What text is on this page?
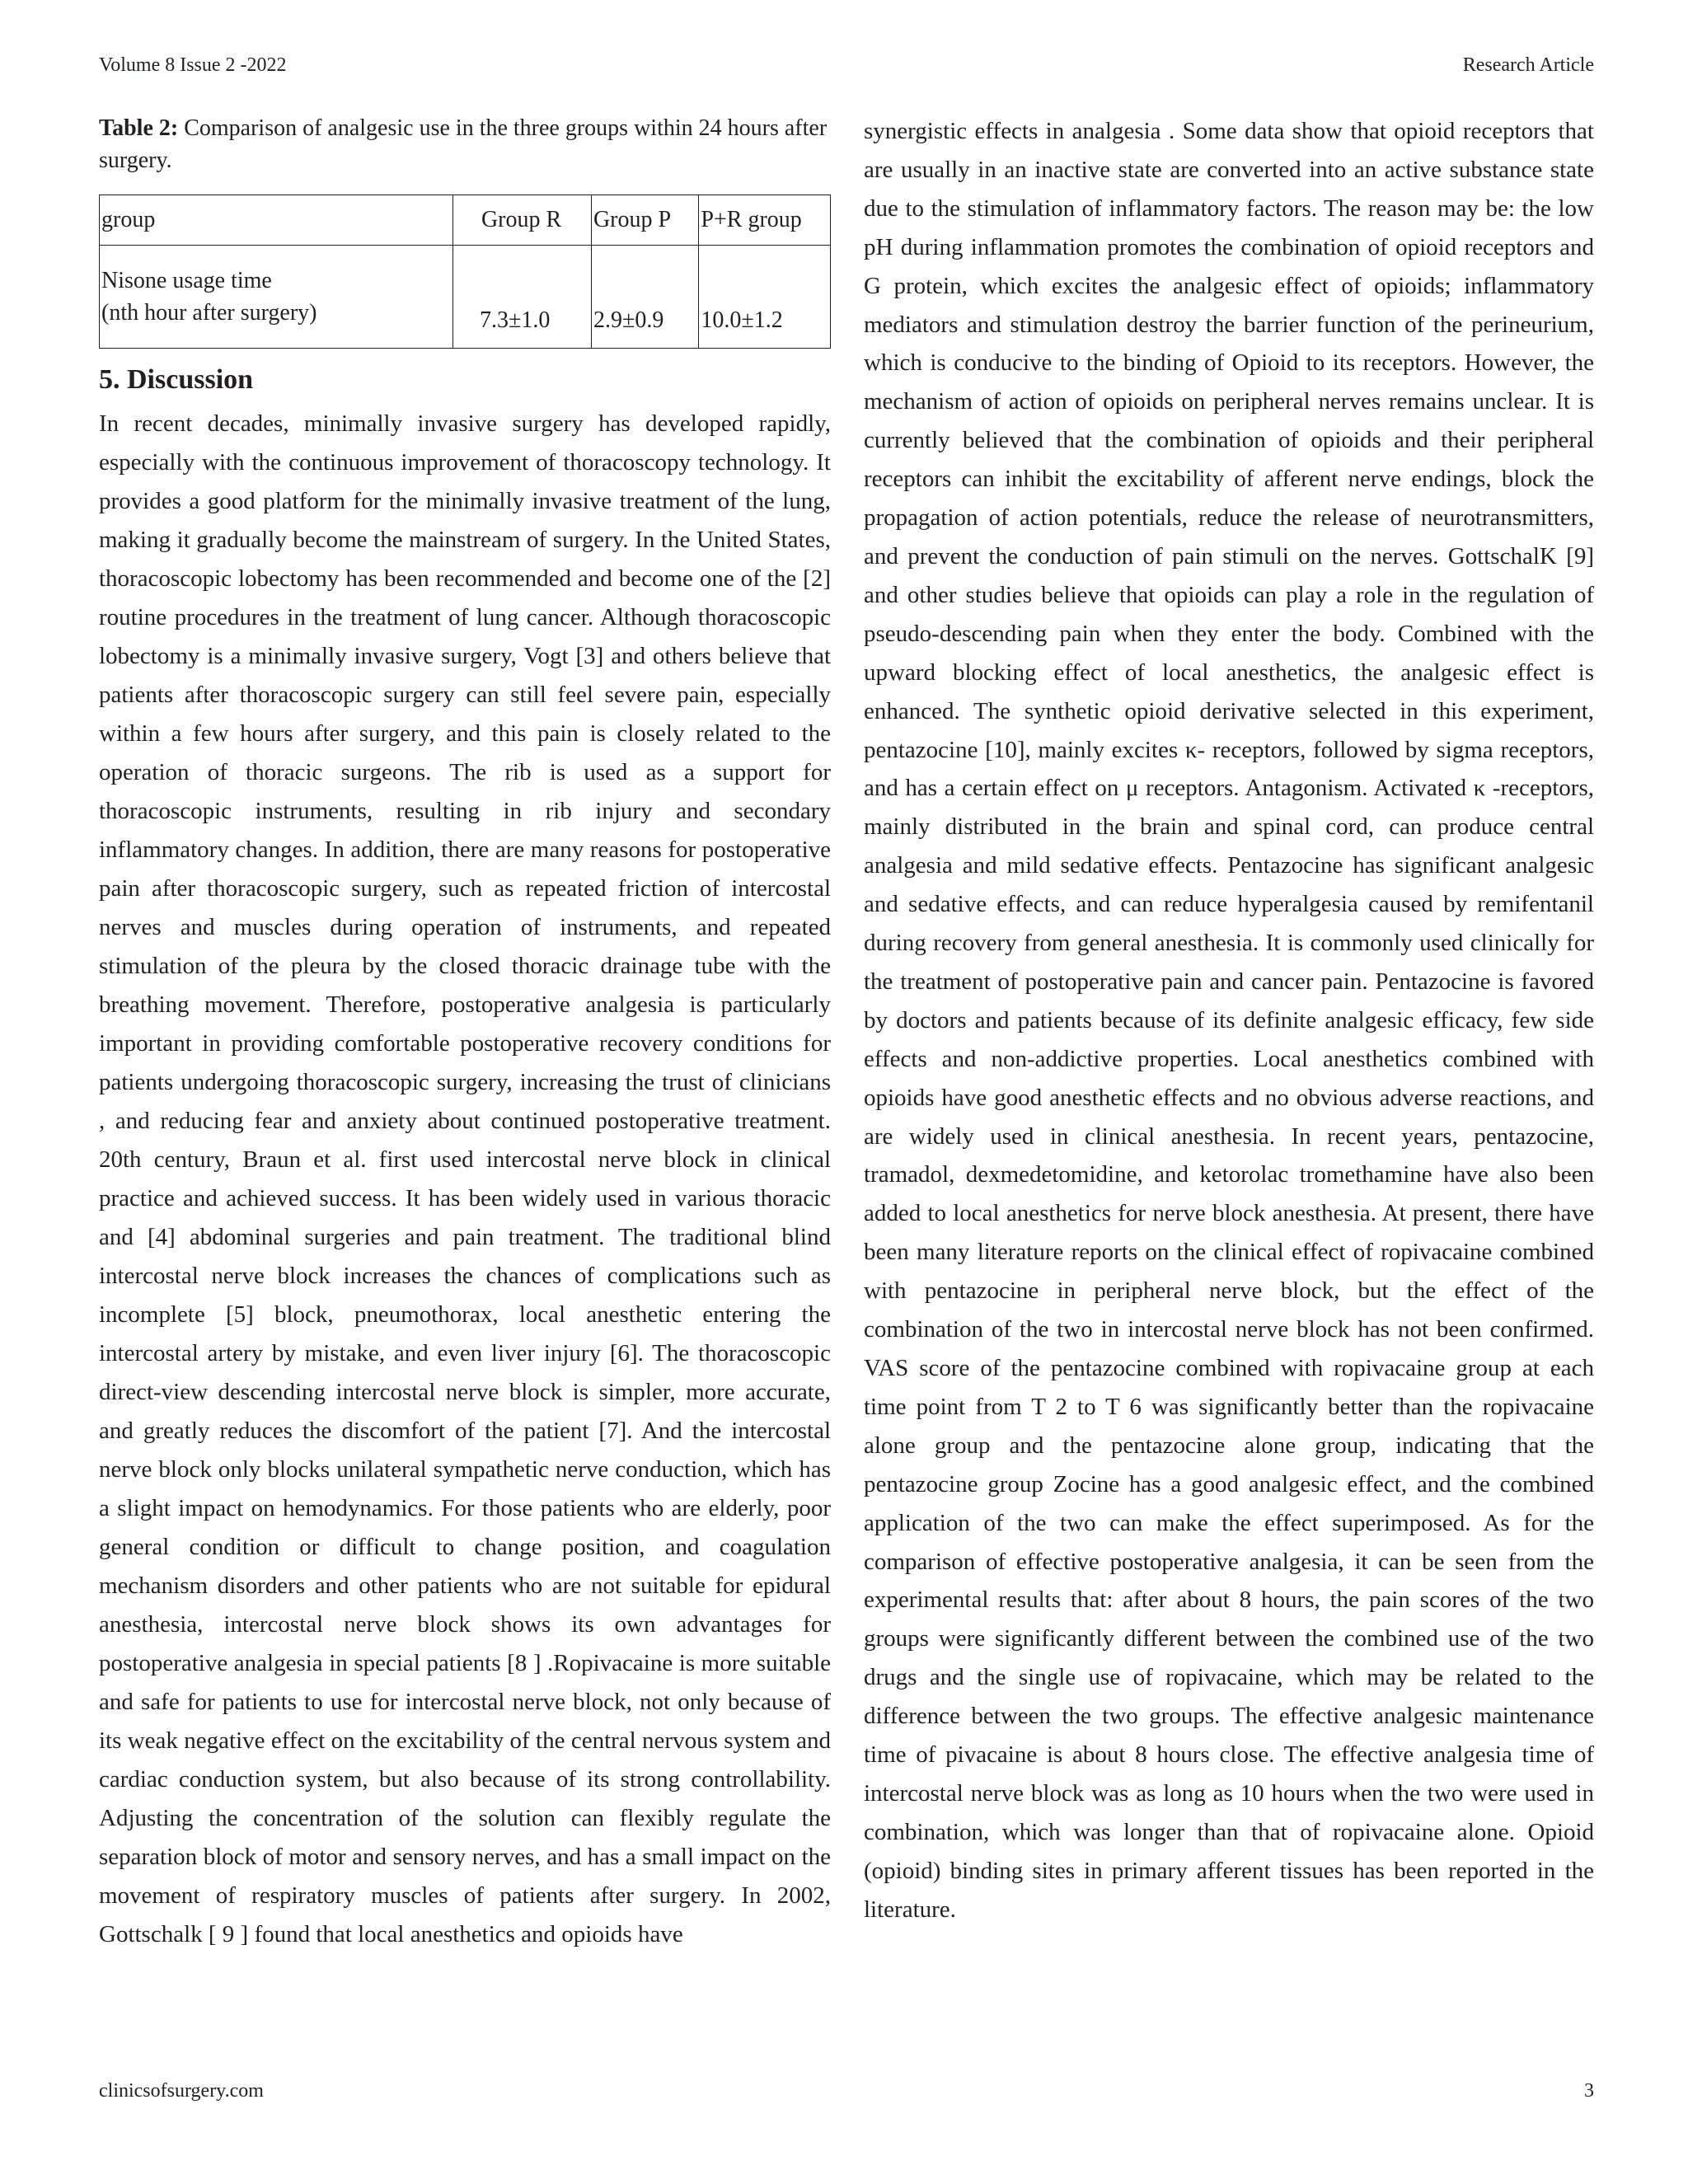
Volume 8 Issue 2 -2022	Research Article

Table 2: Comparison of analgesic use in the three groups within 24 hours after surgery.

group	Group R	Group P	P+R group
Nisone usage time
(nth hour after surgery)	7.3±1.0	2.9±0.9	10.0±1.2
5. Discussion

In recent decades, minimally invasive surgery has developed rapidly, especially with the continuous improvement of thoracoscopy technology. It provides a good platform for the minimally invasive treatment of the lung, making it gradually become the mainstream of surgery. In the United States, thoracoscopic lobectomy has been recommended and become one of the [2] routine procedures in the treatment of lung cancer. Although thoracoscopic lobectomy is a minimally invasive surgery, Vogt [3] and others believe that patients after thoracoscopic surgery can still feel severe pain, especially within a few hours after surgery, and this pain is closely related to the operation of thoracic surgeons. The rib is used as a support for thoracoscopic instruments, resulting in rib injury and secondary inflammatory changes. In addition, there are many reasons for postoperative pain after thoracoscopic surgery, such as repeated friction of intercostal nerves and muscles during operation of instruments, and repeated stimulation of the pleura by the closed thoracic drainage tube with the breathing movement. Therefore, postoperative analgesia is particularly important in providing comfortable postoperative recovery conditions for patients undergoing thoracoscopic surgery, increasing the trust of clinicians , and reducing fear and anxiety about continued postoperative treatment. 20th century, Braun et al. first used intercostal nerve block in clinical practice and achieved success. It has been widely used in various thoracic and [4] abdominal surgeries and pain treatment. The traditional blind intercostal nerve block increases the chances of complications such as incomplete [5] block, pneumothorax, local anesthetic entering the intercostal artery by mistake, and even liver injury [6]. The thoracoscopic direct-view descending intercostal nerve block is simpler, more accurate, and greatly reduces the discomfort of the patient [7]. And the intercostal nerve block only blocks unilateral sympathetic nerve conduction, which has a slight impact on hemodynamics. For those patients who are elderly, poor general condition or difficult to change position, and coagulation mechanism disorders and other patients who are not suitable for epidural anesthesia, intercostal nerve block shows its own advantages for postoperative analgesia in special patients [8 ] .Ropivacaine is more suitable and safe for patients to use for intercostal nerve block, not only because of its weak negative effect on the excitability of the central nervous system and cardiac conduction system, but also because of its strong controllability. Adjusting the concentration of the solution can flexibly regulate the separation block of motor and sensory nerves, and has a small impact on the movement of respiratory muscles of patients after surgery. In 2002, Gottschalk [ 9 ] found that local anesthetics and opioids have

synergistic effects in analgesia . Some data show that opioid receptors that are usually in an inactive state are converted into an active substance state due to the stimulation of inflammatory factors. The reason may be: the low pH during inflammation promotes the combination of opioid receptors and G protein, which excites the analgesic effect of opioids; inflammatory mediators and stimulation destroy the barrier function of the perineurium, which is conducive to the binding of Opioid to its receptors. However, the mechanism of action of opioids on peripheral nerves remains unclear. It is currently believed that the combination of opioids and their peripheral receptors can inhibit the excitability of afferent nerve endings, block the propagation of action potentials, reduce the release of neurotransmitters, and prevent the conduction of pain stimuli on the nerves. GottschalK [9] and other studies believe that opioids can play a role in the regulation of pseudo-descending pain when they enter the body. Combined with the upward blocking effect of local anesthetics, the analgesic effect is enhanced. The synthetic opioid derivative selected in this experiment, pentazocine [10], mainly excites κ- receptors, followed by sigma receptors, and has a certain effect on μ receptors. Antagonism. Activated κ -receptors, mainly distributed in the brain and spinal cord, can produce central analgesia and mild sedative effects. Pentazocine has significant analgesic and sedative effects, and can reduce hyperalgesia caused by remifentanil during recovery from general anesthesia. It is commonly used clinically for the treatment of postoperative pain and cancer pain. Pentazocine is favored by doctors and patients because of its definite analgesic efficacy, few side effects and non-addictive properties. Local anesthetics combined with opioids have good anesthetic effects and no obvious adverse reactions, and are widely used in clinical anesthesia. In recent years, pentazocine, tramadol, dexmedetomidine, and ketorolac tromethamine have also been added to local anesthetics for nerve block anesthesia. At present, there have been many literature reports on the clinical effect of ropivacaine combined with pentazocine in peripheral nerve block, but the effect of the combination of the two in intercostal nerve block has not been confirmed. VAS score of the pentazocine combined with ropivacaine group at each time point from T 2 to T 6 was significantly better than the ropivacaine alone group and the pentazocine alone group, indicating that the pentazocine group Zocine has a good analgesic effect, and the combined application of the two can make the effect superimposed. As for the comparison of effective postoperative analgesia, it can be seen from the experimental results that: after about 8 hours, the pain scores of the two groups were significantly different between the combined use of the two drugs and the single use of ropivacaine, which may be related to the difference between the two groups. The effective analgesic maintenance time of pivacaine is about 8 hours close. The effective analgesia time of intercostal nerve block was as long as 10 hours when the two were used in combination, which was longer than that of ropivacaine alone. Opioid (opioid) binding sites in primary afferent tissues has been reported in the literature.

clinicsofsurgery.com	3
